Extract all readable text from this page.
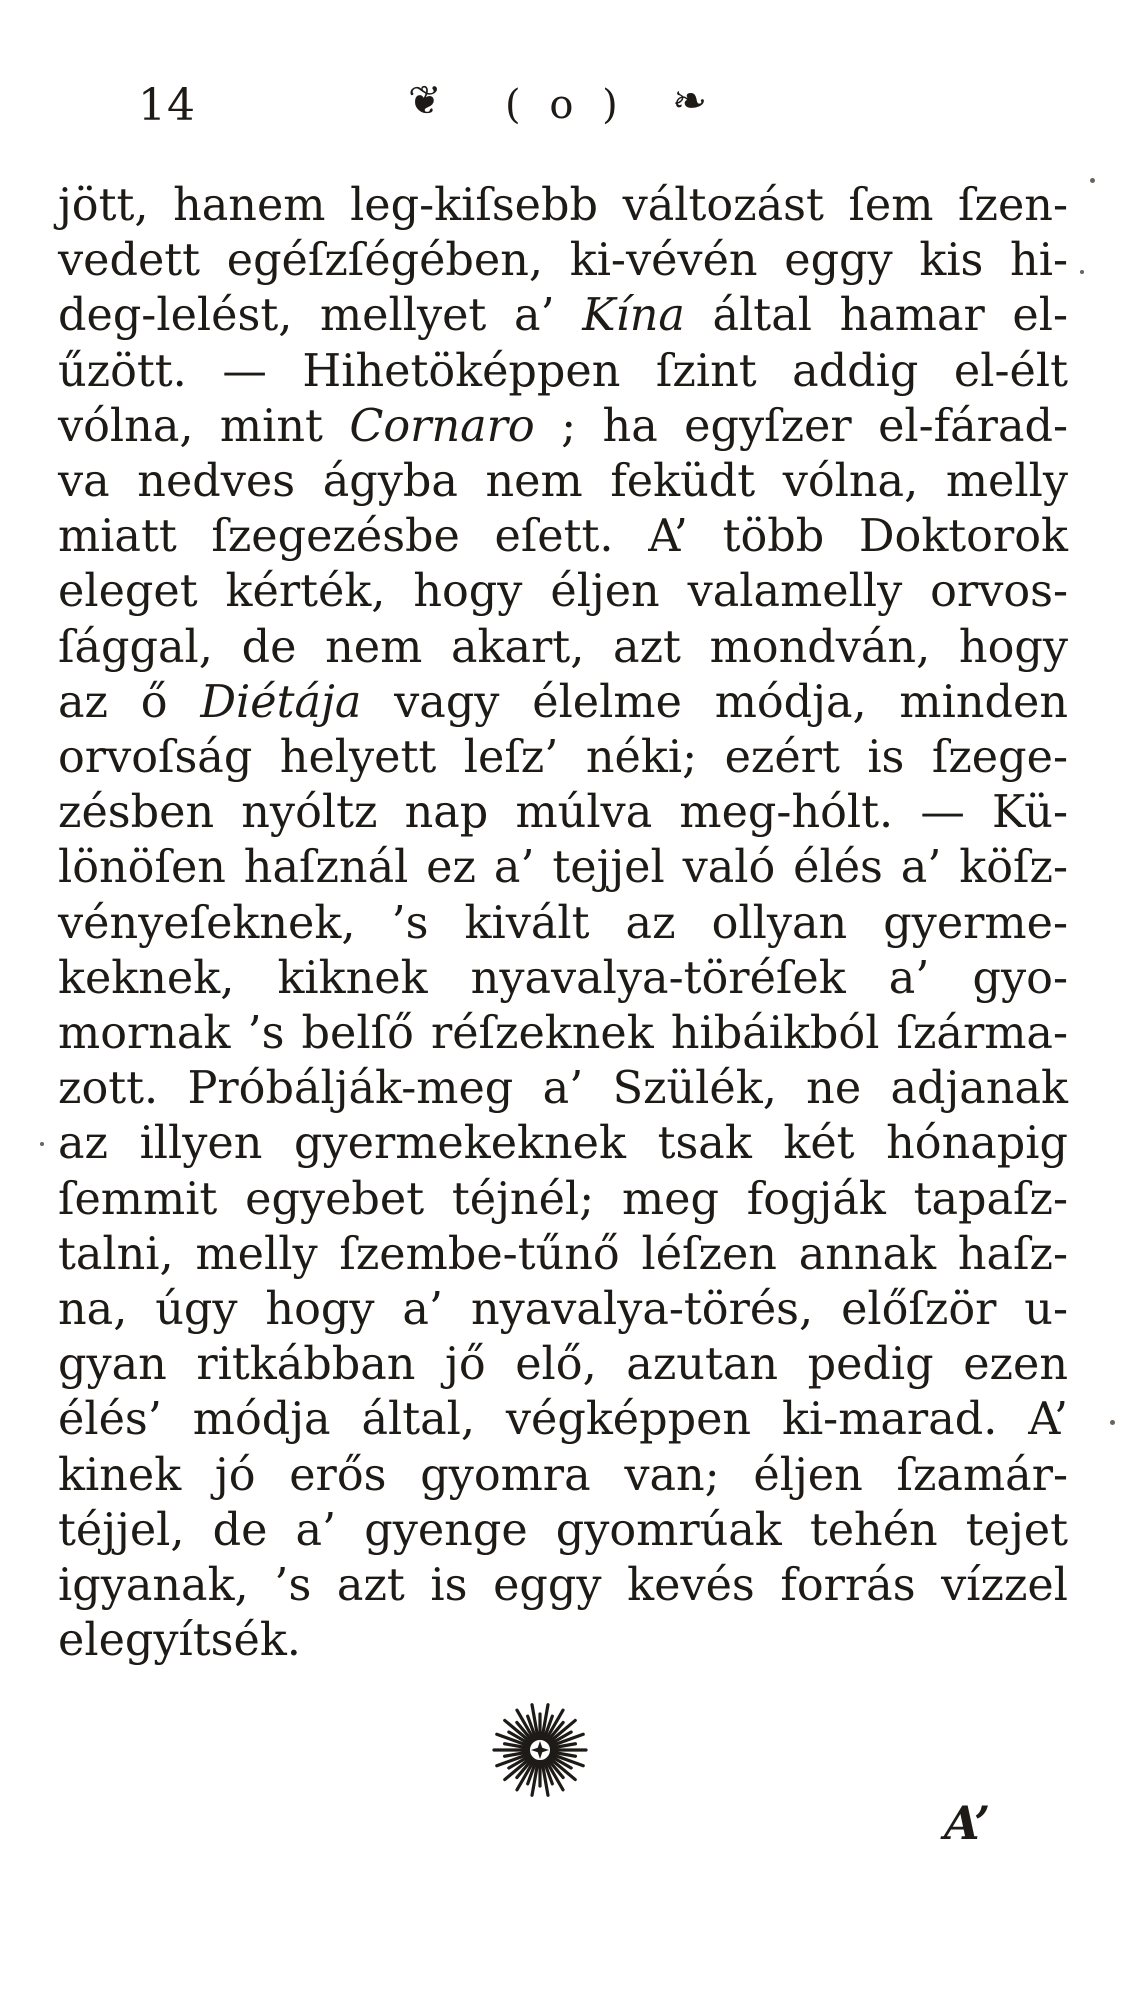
14	❦ ( o ) ❧
jött, hanem leg-kiſsebb változást ſem ſzen-
vedett egéſzſégében, ki-vévén eggy kis hi-
deg-lelést, mellyet a’ Kína által hamar el-
űzött. — Hihetöképpen ſzint addig el-élt
vólna, mint Cornaro ; ha egyſzer el-fárad-
va nedves ágyba nem feküdt vólna, melly
miatt ſzegezésbe eſett. A’ több Doktorok
eleget kérték, hogy éljen valamelly orvos-
ſággal, de nem akart, azt mondván, hogy
az ő Diétája vagy élelme módja, minden
orvoſság helyett leſz’ néki; ezért is ſzege-
zésben nyóltz nap múlva meg-hólt. — Kü-
lönöſen haſznál ez a’ tejjel való élés a’ köſz-
vényeſeknek, ’s kivált az ollyan gyerme-
keknek, kiknek nyavalya-töréſek a’ gyo-
mornak ’s belſő réſzeknek hibáikból ſzárma-
zott. Próbálják-meg a’ Szülék, ne adjanak
az illyen gyermekeknek tsak két hónapig
ſemmit egyebet téjnél; meg fogják tapaſz-
talni, melly ſzembe-tűnő léſzen annak haſz-
na, úgy hogy a’ nyavalya-törés, előſzör u-
gyan ritkábban jő elő, azutan pedig ezen
élés’ módja által, végképpen ki-marad. A’
kinek jó erős gyomra van; éljen ſzamár-
téjjel, de a’ gyenge gyomrúak tehén tejet
igyanak, ’s azt is eggy kevés forrás vízzel
elegyítsék.
A’
